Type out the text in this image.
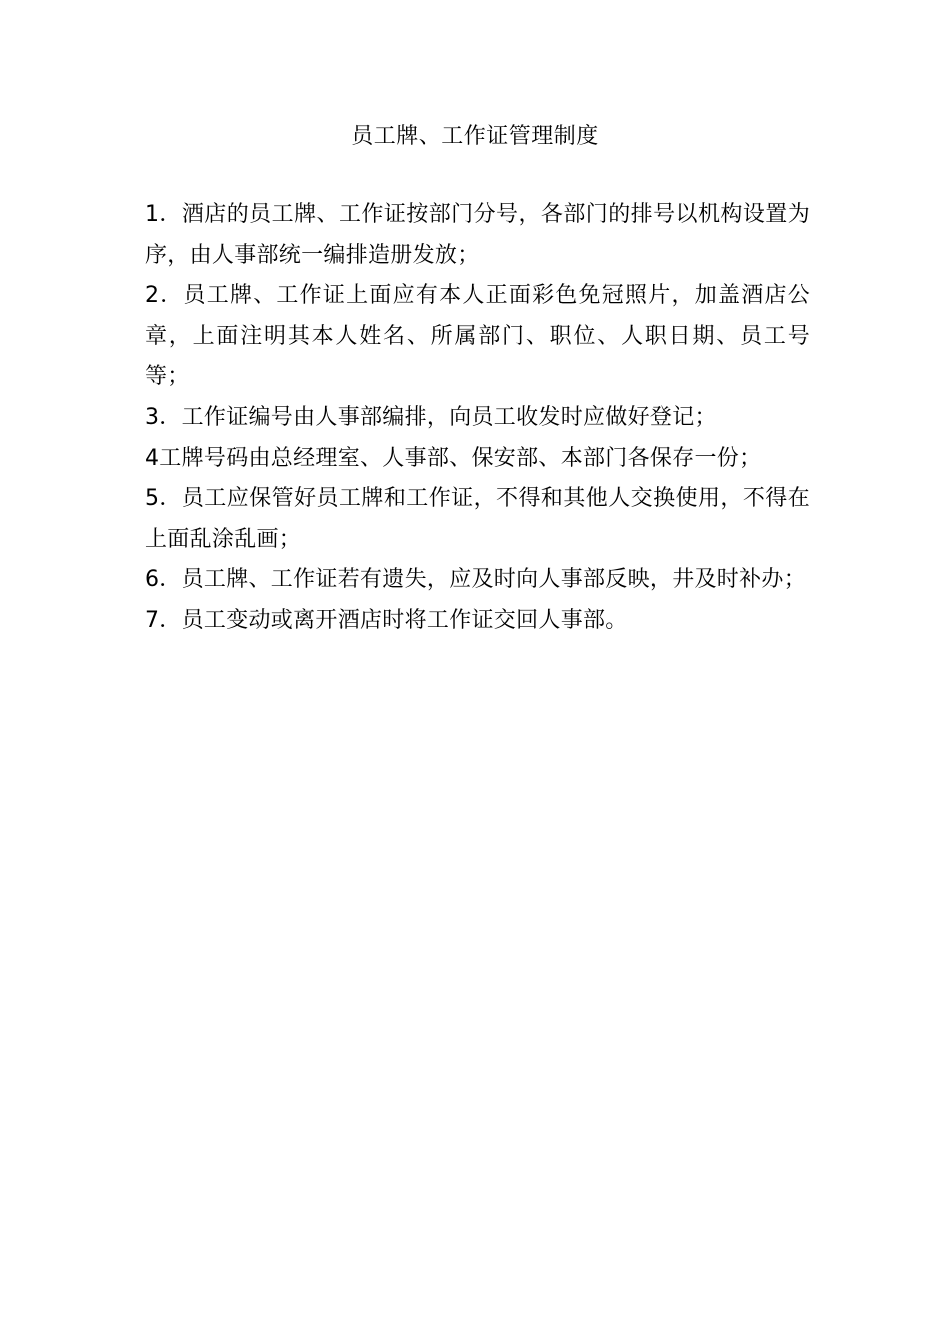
员工牌、工作证管理制度
1．酒店的员工牌、工作证按部门分号，各部门的排号以机构设置为序，由人事部统一编排造册发放；
2．员工牌、工作证上面应有本人正面彩色免冠照片，加盖酒店公章，上面注明其本人姓名、所属部门、职位、人职日期、员工号等；
3．工作证编号由人事部编排，向员工收发时应做好登记；
4工牌号码由总经理室、人事部、保安部、本部门各保存一份；
5．员工应保管好员工牌和工作证，不得和其他人交换使用，不得在上面乱涂乱画；
6．员工牌、工作证若有遗失，应及时向人事部反映，井及时补办；
7．员工变动或离开酒店时将工作证交回人事部。
